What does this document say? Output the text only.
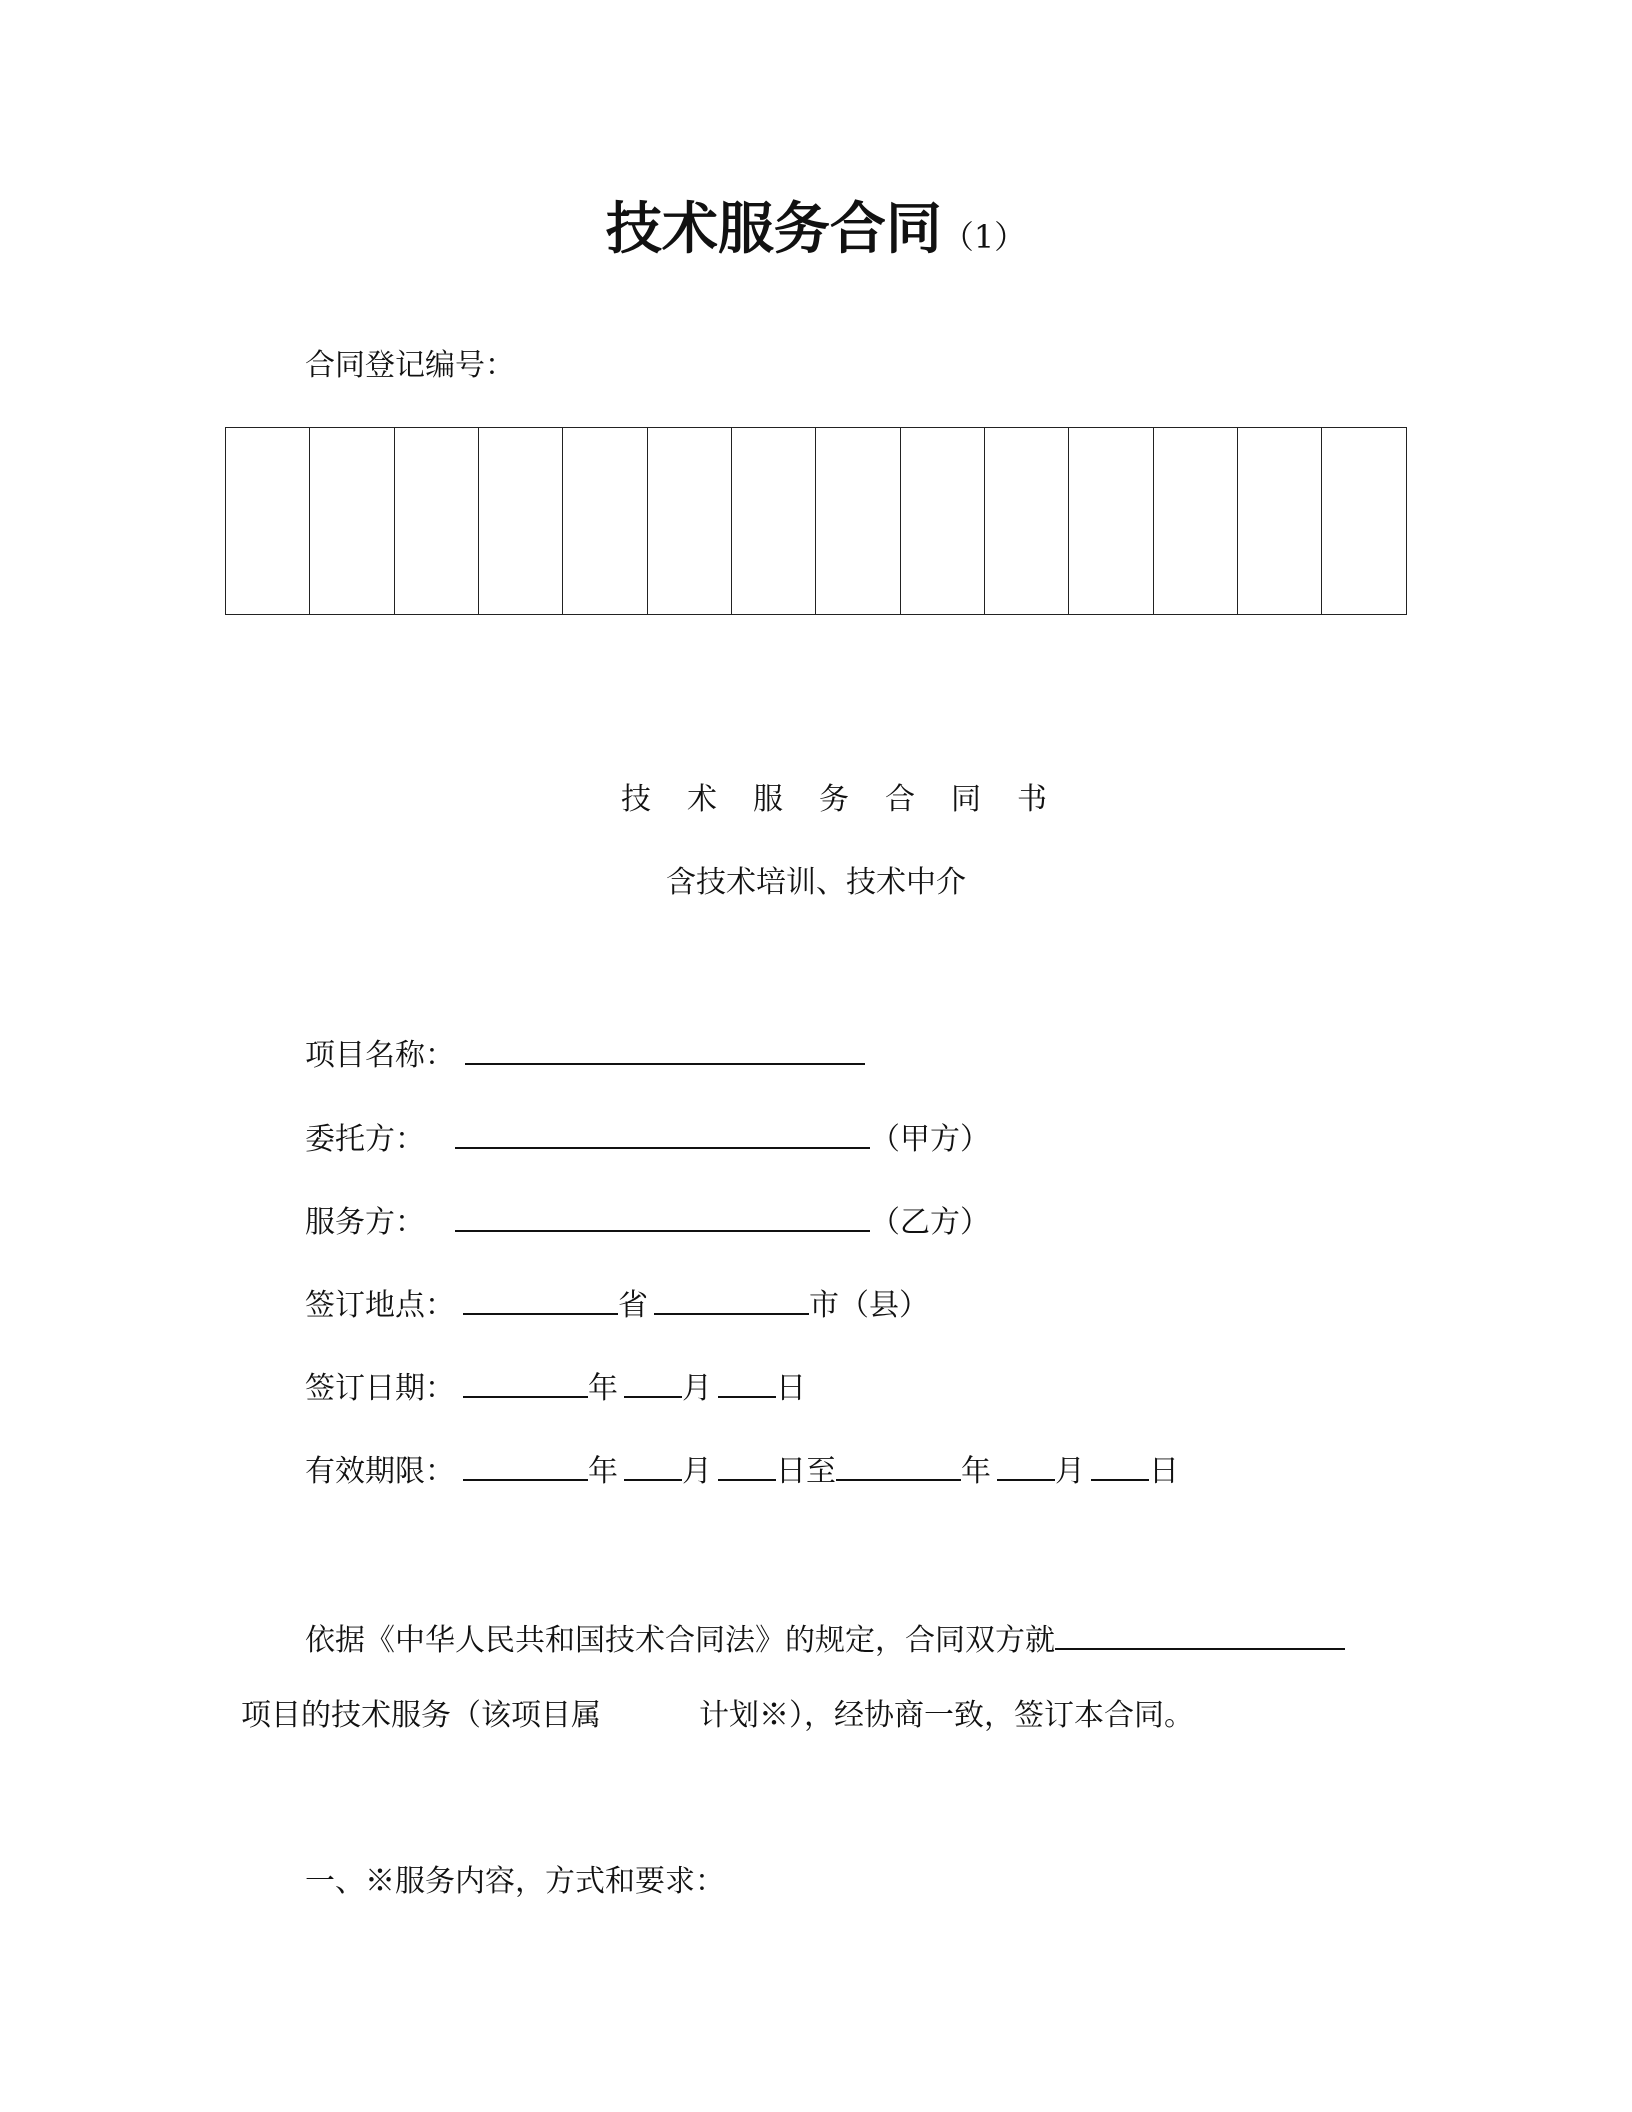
技术服务合同（1）
合同登记编号：

技术服务合同书
含技术培训、技术中介
项目名称：
委托方：	（甲方）
服务方：	（乙方）
签订地点：	省	市（县）
签订日期：	年 月 日
有效期限：	年 月 日至	年 月 日
依据《中华人民共和国技术合同法》的规定，合同双方就
项目的技术服务（该项目属	计划※），经协商一致，签订本合同。
一、※服务内容，方式和要求：
